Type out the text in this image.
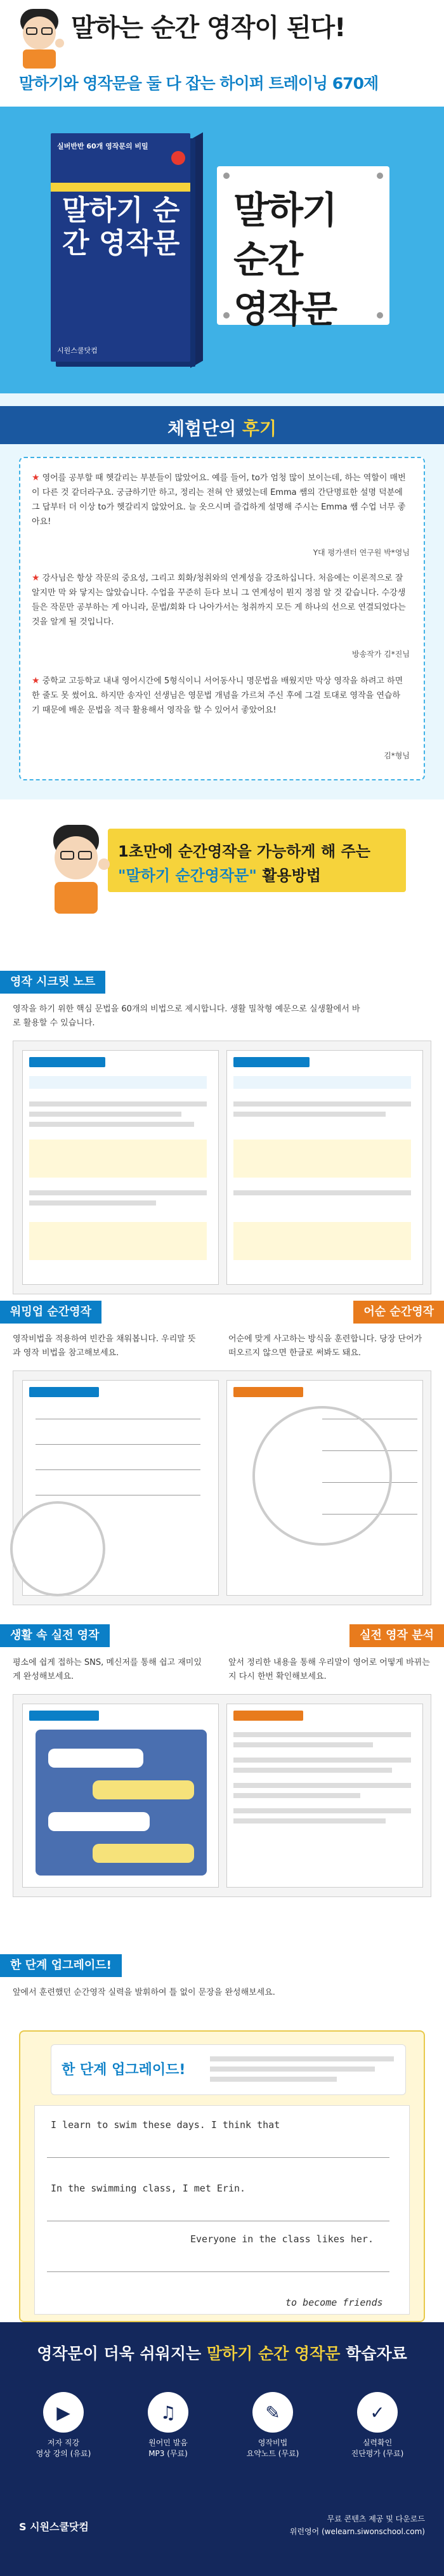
말하는 순간 영작이 된다!
말하기와 영작문을 둘 다 잡는 하이퍼 트레이닝 670제
실버반반 60개 영작문의 비밀
말하기 순간 영작문
시원스쿨닷컴
말하기
순간
영작문
체험단의 후기
★ 영어를 공부할 때 헷갈리는 부분들이 많았어요. 예를 들어, to가 엄청 많이 보이는데, 하는 역할이 매번이 다른 것 같더라구요. 궁금하기만 하고, 정리는 전혀 안 됐었는데 Emma 쌤의 간단명료한 설명 덕분에 그 답부터 더 이상 to가 헷갈리지 않았어요. 늘 옷으시며 즐겁하게 설명해 주시는 Emma 쌤 수업 너무 좋아요!
Y대 평가센터 연구원 박*영님
★ 강사님은 항상 작문의 중요성, 그리고 회화/청취와의 연계성을 강조하십니다. 처음에는 이론적으로 잘 알지만 막 와 닿지는 않았습니다. 수업을 꾸준히 듣다 보니 그 연계성이 뭔지 정점 알 것 같습니다. 수강생들은 작문만 공부하는 게 아니라, 문법/회화 다 나아가서는 청취까지 모든 게 하나의 선으로 연결되었다는 것을 알게 될 것입니다.
방송작가 김*진님
★ 중학교 고등학교 내내 영어시간에 5형식이니 서어동사니 명문법을 배웠지만 막상 영작을 하려고 하면 한 줄도 못 썼어요. 하지만 송자인 선생님은 영문법 개념을 가르쳐 주신 후에 그걸 토대로 영작을 연습하기 때문에 배운 문법을 적극 활용해서 영작을 할 수 있어서 좋았어요!
김*형님
1초만에 순간영작을 가능하게 해 주는
"말하기 순간영작문" 활용방법
영작 시크릿 노트
영작을 하기 위한 핵심 문법을 60개의 비법으로 제시합니다. 생활 밀착형 예문으로 실생활에서 바로 활용할 수 있습니다.
워밍업 순간영작	어순 순간영작
영작비법을 적용하여 빈칸을 채워봅니다. 우리말 뜻과 영작 비법을 참고해보세요.
어순에 맞게 사고하는 방식을 훈련합니다. 당장 단어가 떠오르지 않으면 한글로 써봐도 돼요.
생활 속 실전 영작	실전 영작 분석
평소에 쉽게 접하는 SNS, 메신저를 통해 쉽고 재미있게 완성해보세요.
앞서 정리한 내용을 통해 우리말이 영어로 어떻게 바뀌는지 다시 한번 확인해보세요.
한 단계 업그레이드!
앞에서 훈련했던 순간영작 실력을 발휘하여 틀 없이 문장을 완성해보세요.
한 단계 업그레이드!
I learn to swim these days. I think that
In the swimming class, I met Erin.
Everyone in the class likes her.
to become friends
영작문이 더욱 쉬워지는 말하기 순간 영작문 학습자료
▶
저자 직강
영상 강의 (유료)
♫
원어민 발음
MP3 (무료)
✎
영작비법
요약노트 (무료)
✓
실력확인
진단평가 (무료)
S 시원스쿨닷컴
무료 콘텐츠 제공 및 다운로드
위런영어 (welearn.siwonschool.com)
